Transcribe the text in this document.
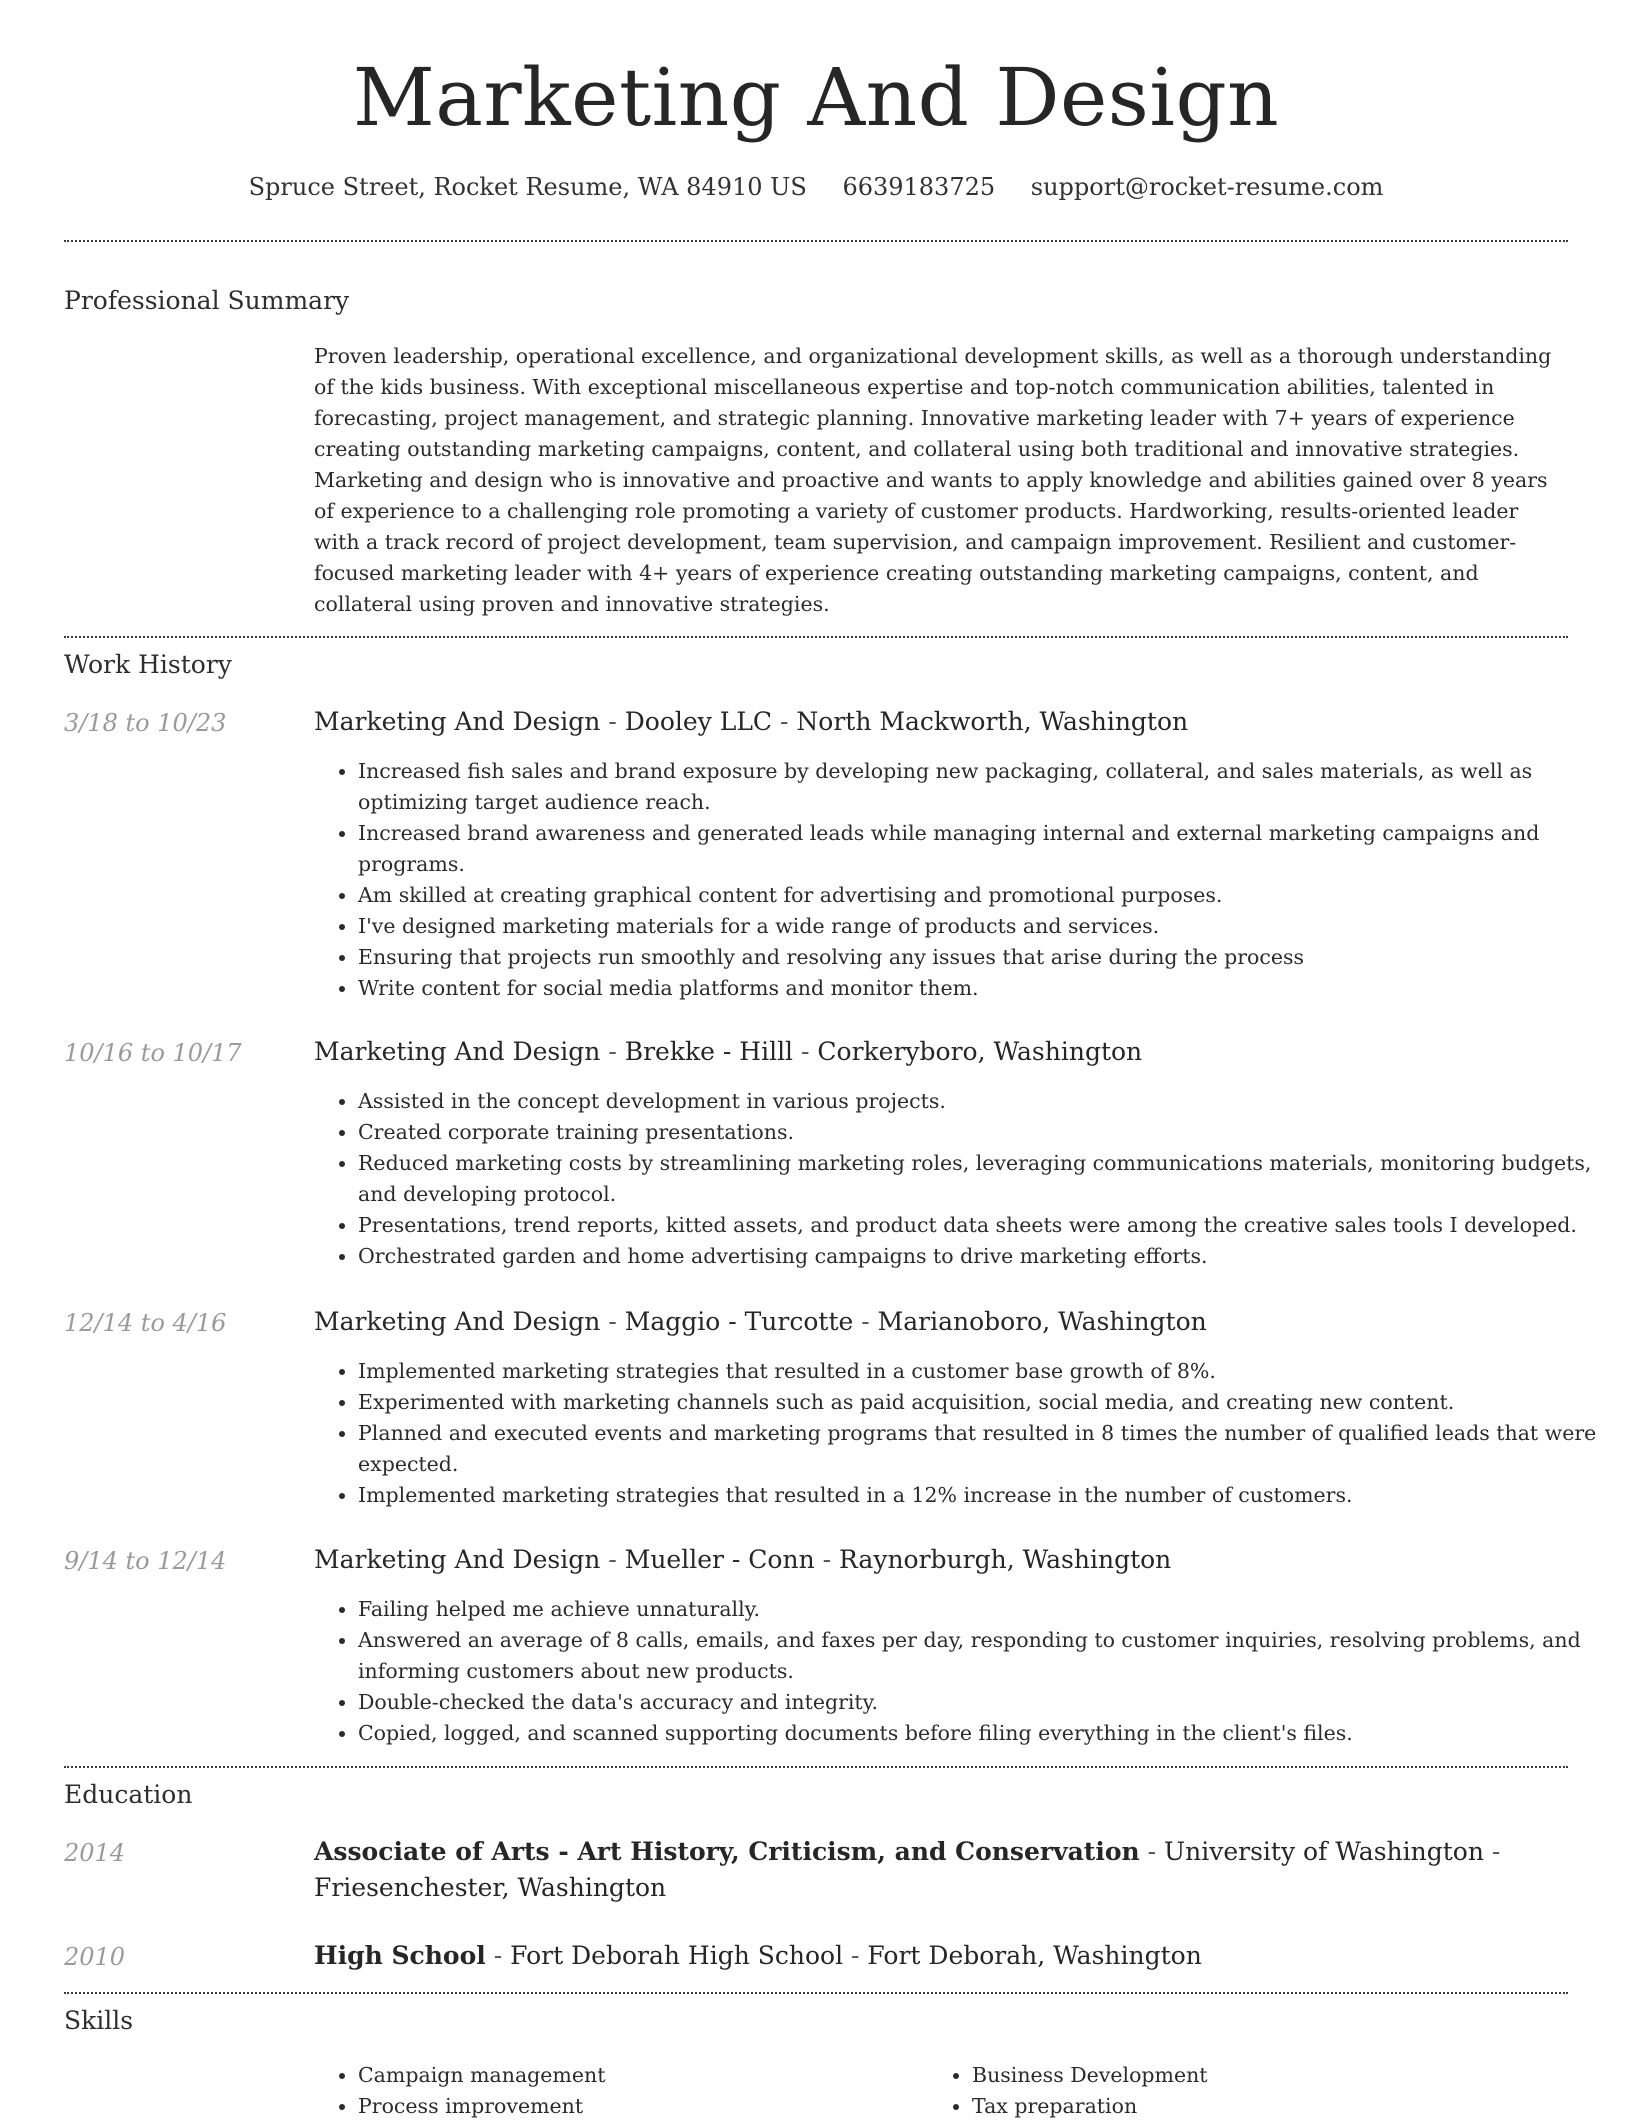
Marketing And Design
Spruce Street, Rocket Resume, WA 84910 US 6639183725 support@rocket-resume.com
Professional Summary

Proven leadership, operational excellence, and organizational development skills, as well as a thorough understanding of the kids business. With exceptional miscellaneous expertise and top-notch communication abilities, talented in forecasting, project management, and strategic planning. Innovative marketing leader with 7+ years of experience creating outstanding marketing campaigns, content, and collateral using both traditional and innovative strategies. Marketing and design who is innovative and proactive and wants to apply knowledge and abilities gained over 8 years of experience to a challenging role promoting a variety of customer products. Hardworking, results-oriented leader with a track record of project development, team supervision, and campaign improvement. Resilient and customer-focused marketing leader with 4+ years of experience creating outstanding marketing campaigns, content, and collateral using proven and innovative strategies.

Work History
3/18 to 10/23	Marketing And Design - Dooley LLC - North Mackworth, Washington
• Increased fish sales and brand exposure by developing new packaging, collateral, and sales materials, as well as optimizing target audience reach.
• Increased brand awareness and generated leads while managing internal and external marketing campaigns and programs.
• Am skilled at creating graphical content for advertising and promotional purposes.
• I've designed marketing materials for a wide range of products and services.
• Ensuring that projects run smoothly and resolving any issues that arise during the process
• Write content for social media platforms and monitor them.
10/16 to 10/17	Marketing And Design - Brekke - Hilll - Corkeryboro, Washington
• Assisted in the concept development in various projects.
• Created corporate training presentations.
• Reduced marketing costs by streamlining marketing roles, leveraging communications materials, monitoring budgets, and developing protocol.
• Presentations, trend reports, kitted assets, and product data sheets were among the creative sales tools I developed.
• Orchestrated garden and home advertising campaigns to drive marketing efforts.
12/14 to 4/16	Marketing And Design - Maggio - Turcotte - Marianoboro, Washington
• Implemented marketing strategies that resulted in a customer base growth of 8%.
• Experimented with marketing channels such as paid acquisition, social media, and creating new content.
• Planned and executed events and marketing programs that resulted in 8 times the number of qualified leads that were expected.
• Implemented marketing strategies that resulted in a 12% increase in the number of customers.
9/14 to 12/14	Marketing And Design - Mueller - Conn - Raynorburgh, Washington
• Failing helped me achieve unnaturally.
• Answered an average of 8 calls, emails, and faxes per day, responding to customer inquiries, resolving problems, and informing customers about new products.
• Double-checked the data's accuracy and integrity.
• Copied, logged, and scanned supporting documents before filing everything in the client's files.
Education
2014	Associate of Arts - Art History, Criticism, and Conservation - University of Washington - Friesenchester, Washington
2010	High School - Fort Deborah High School - Fort Deborah, Washington
Skills
• Campaign management
• Process improvement
• Business Development
• Tax preparation
